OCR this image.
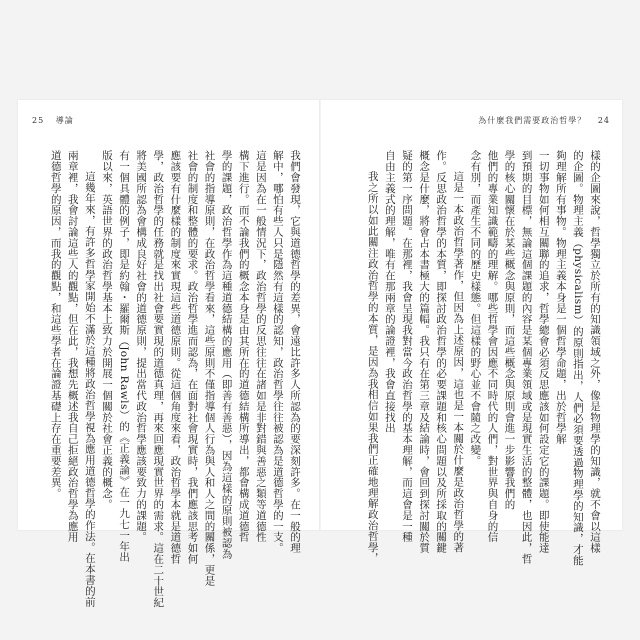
25 導論	為什麼我們需要政治哲學？ 24
我們會發現，它與道德哲學的差異，會遠比許多人所認為的要深刻許多。在一般的理
解中，哪怕有些人只是隱然有這樣的認知，政治哲學往往被認為是道德哲學的一支。
這是因為在一般情況下，政治哲學的反思往往在諸如是非對錯與善惡之類等道德性
構下進行。而不論我們的概念本身是由其所在的道德結構所導出，都會構成道德哲
學的課題，政治哲學作為這種道德結構的應用（即善有善惡），因為這樣的原則被認為
社會的指導原則，在政治哲學看來，這些原則不僅指導個人行為與人和人之間的關係，更是
社會的制度和整體的要求。政治哲學進而認為，在面對社會現實時，我們應該思考如何
應該要有什麼樣的制度來實現這些道德原則。從這個角度來看，政治哲學本就是道德哲
學，政治哲學的任務就是找出社會要實現的道德真理，再來回應現實世界的需求。這在二十世紀
將美國所認為會構成良好社會的道德原則，提出當代政治哲學應該要致力的課題。
有一個具體的例子，即是約翰・羅爾斯（John Rawls）的《正義論》在一九七一年出
版以來，英語世界的政治哲學基本上致力於開展一個關於社會正義的概念。
這幾年來，有許多哲學家開始不滿於這種將政治哲學視為應用道德哲學的作法。在本書的前
兩章裡，我會討論這些人的觀點，但在此，我想先概述我自己拒絕政治哲學為應用
道德哲學的原因，而我的觀點，和這些學者在論證基礎上存在重要差異。	樣的企圖來說，哲學獨立於所有的知識領域之外，像是物理學的知識，就不會以這樣
的企圖。物理主義（physicalism）的原則指出，人們必須要透過物理學的知識，才能
夠理解所有事物。物理主義本身是一個哲學命題，出於哲學解
一切事物如何相互關聯的追求，哲學總會必須反思應該如何設定它的課題。即使能達
到預期的目標，無論這個課題的內容是某個專業領域或是現實生活的整體，也因此，哲
學的核心關懷在於某些概念與原則，而這些概念與原則會進一步影響我們的
他們的專業知識範疇的理解。哪些哲學會因應不同時代的人們，對世界與自身的信
念有別，而產生不同的歷史樣態。但這樣的野心並不會隨之改變。
這是一本政治哲學著作，但因為上述原因，這也是一本關於什麼是政治哲學的著
作。反思政治哲學的本質，即探討政治哲學的必要課題和核心問題以及所採取的關鍵
概念是什麼，將會占本書極大的篇幅。我只有在第三章及結論時，會回到探討關於質
疑的第一序問題。在那裡，我會呈現我對當今政治哲學的基本理解，而這會是一種
自由主義式的理解，唯有在那兩章的論證裡，我會直接找出
我之所以如此關注政治哲學的本質，是因為我相信如果我們正確地理解政治哲學，
